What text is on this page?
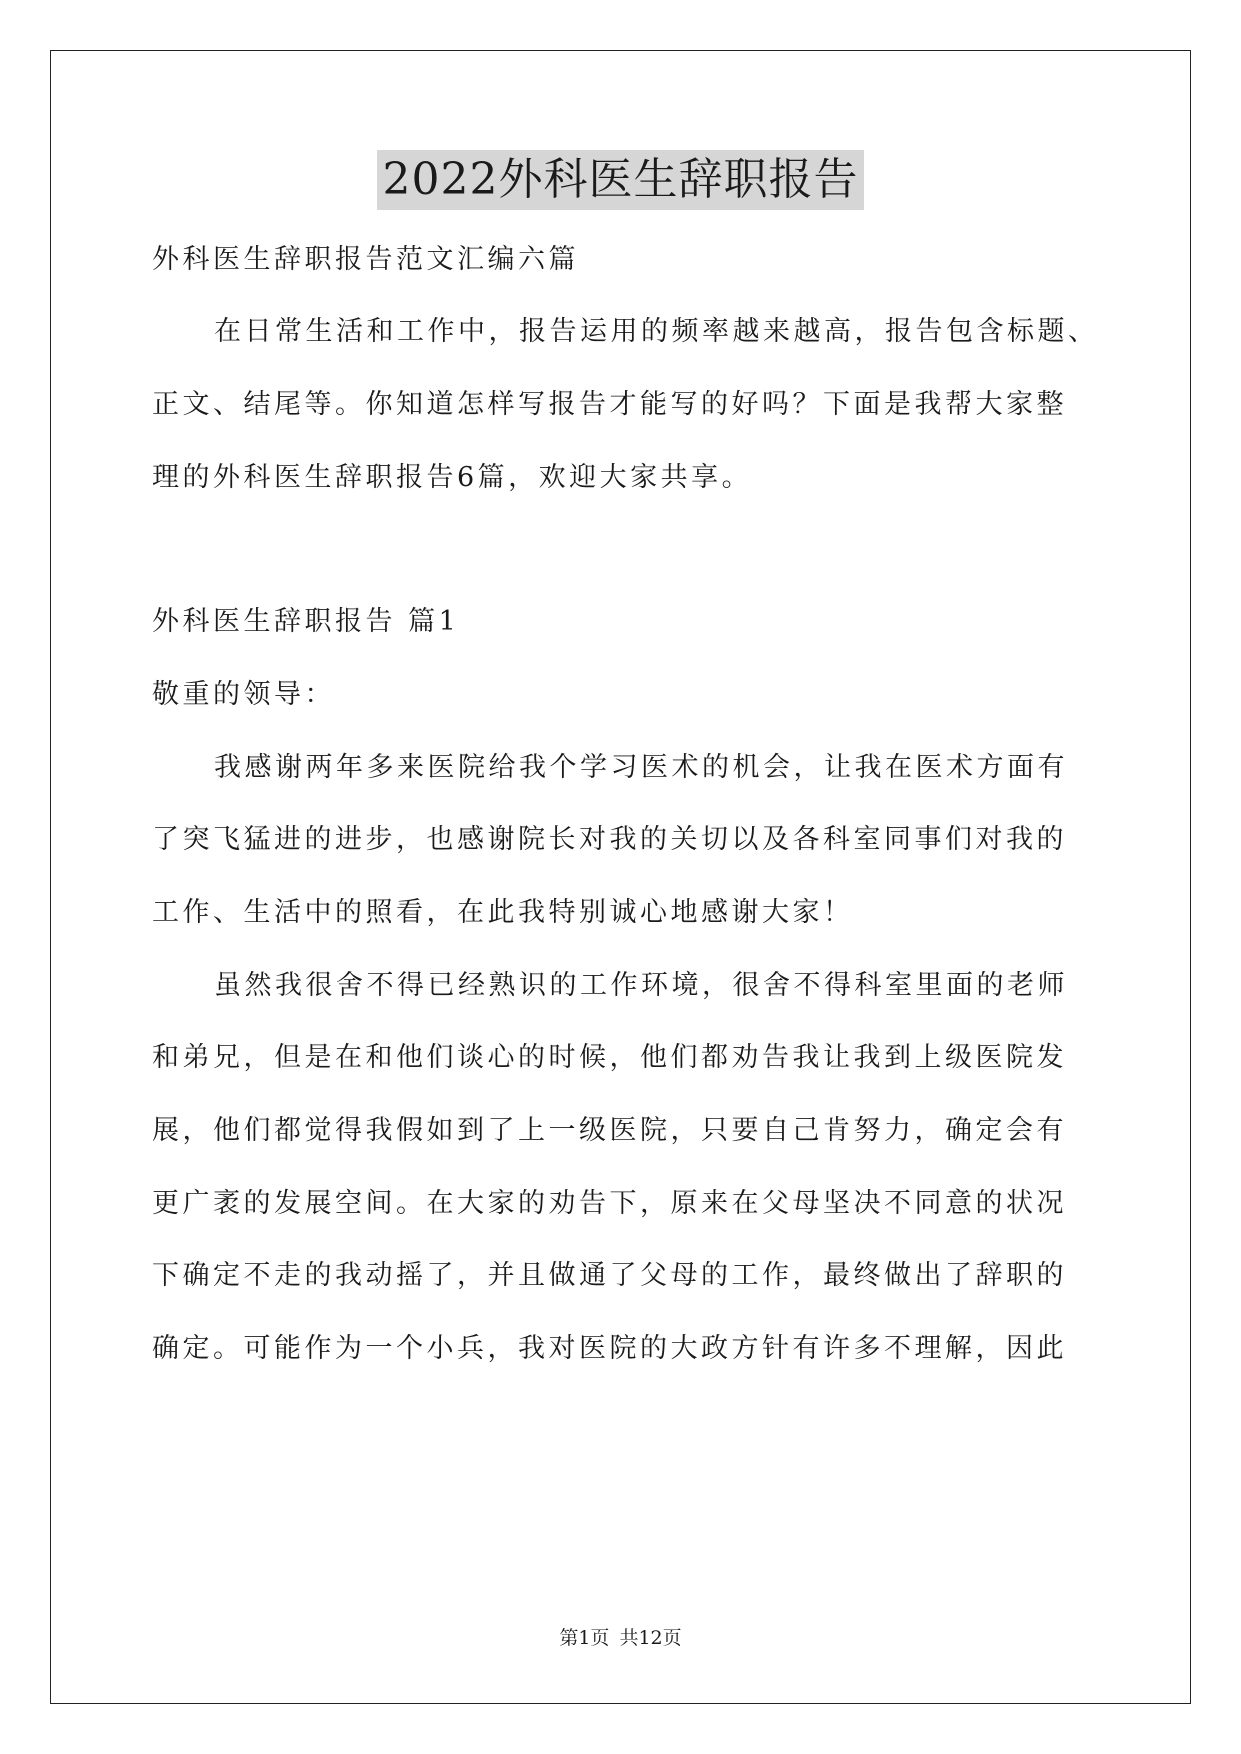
2022外科医生辞职报告
外科医生辞职报告范文汇编六篇
在日常生活和工作中，报告运用的频率越来越高，报告包含标题、
正文、结尾等。你知道怎样写报告才能写的好吗？下面是我帮大家整
理的外科医生辞职报告6篇，欢迎大家共享。
外科医生辞职报告 篇1
敬重的领导：
我感谢两年多来医院给我个学习医术的机会，让我在医术方面有
了突飞猛进的进步，也感谢院长对我的关切以及各科室同事们对我的
工作、生活中的照看，在此我特别诚心地感谢大家！
虽然我很舍不得已经熟识的工作环境，很舍不得科室里面的老师
和弟兄，但是在和他们谈心的时候，他们都劝告我让我到上级医院发
展，他们都觉得我假如到了上一级医院，只要自己肯努力，确定会有
更广袤的发展空间。在大家的劝告下，原来在父母坚决不同意的状况
下确定不走的我动摇了，并且做通了父母的工作，最终做出了辞职的
确定。可能作为一个小兵，我对医院的大政方针有许多不理解，因此
第1页 共12页
